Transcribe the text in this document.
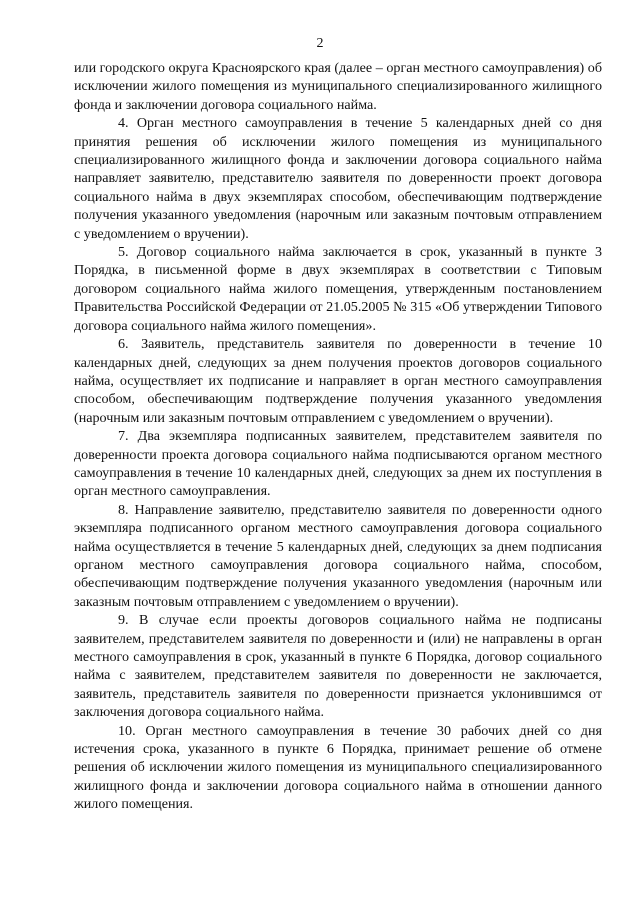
2

или городского округа Красноярского края (далее – орган местного самоуправления) об исключении жилого помещения из муниципального специализированного жилищного фонда и заключении договора социального найма.

4. Орган местного самоуправления в течение 5 календарных дней со дня принятия решения об исключении жилого помещения из муниципального специализированного жилищного фонда и заключении договора социального найма направляет заявителю, представителю заявителя по доверенности проект договора социального найма в двух экземплярах способом, обеспечивающим подтверждение получения указанного уведомления (нарочным или заказным почтовым отправлением с уведомлением о вручении).

5. Договор социального найма заключается в срок, указанный в пункте 3 Порядка, в письменной форме в двух экземплярах в соответствии с Типовым договором социального найма жилого помещения, утвержденным постановлением Правительства Российской Федерации от 21.05.2005 № 315 «Об утверждении Типового договора социального найма жилого помещения».

6. Заявитель, представитель заявителя по доверенности в течение 10 календарных дней, следующих за днем получения проектов договоров социального найма, осуществляет их подписание и направляет в орган местного самоуправления способом, обеспечивающим подтверждение получения указанного уведомления (нарочным или заказным почтовым отправлением с уведомлением о вручении).

7. Два экземпляра подписанных заявителем, представителем заявителя по доверенности проекта договора социального найма подписываются органом местного самоуправления в течение 10 календарных дней, следующих за днем их поступления в орган местного самоуправления.

8. Направление заявителю, представителю заявителя по доверенности одного экземпляра подписанного органом местного самоуправления договора социального найма осуществляется в течение 5 календарных дней, следующих за днем подписания органом местного самоуправления договора социального найма, способом, обеспечивающим подтверждение получения указанного уведомления (нарочным или заказным почтовым отправлением с уведомлением о вручении).

9. В случае если проекты договоров социального найма не подписаны заявителем, представителем заявителя по доверенности и (или) не направлены в орган местного самоуправления в срок, указанный в пункте 6 Порядка, договор социального найма с заявителем, представителем заявителя по доверенности не заключается, заявитель, представитель заявителя по доверенности признается уклонившимся от заключения договора социального найма.

10. Орган местного самоуправления в течение 30 рабочих дней со дня истечения срока, указанного в пункте 6 Порядка, принимает решение об отмене решения об исключении жилого помещения из муниципального специализированного жилищного фонда и заключении договора социального найма в отношении данного жилого помещения.
